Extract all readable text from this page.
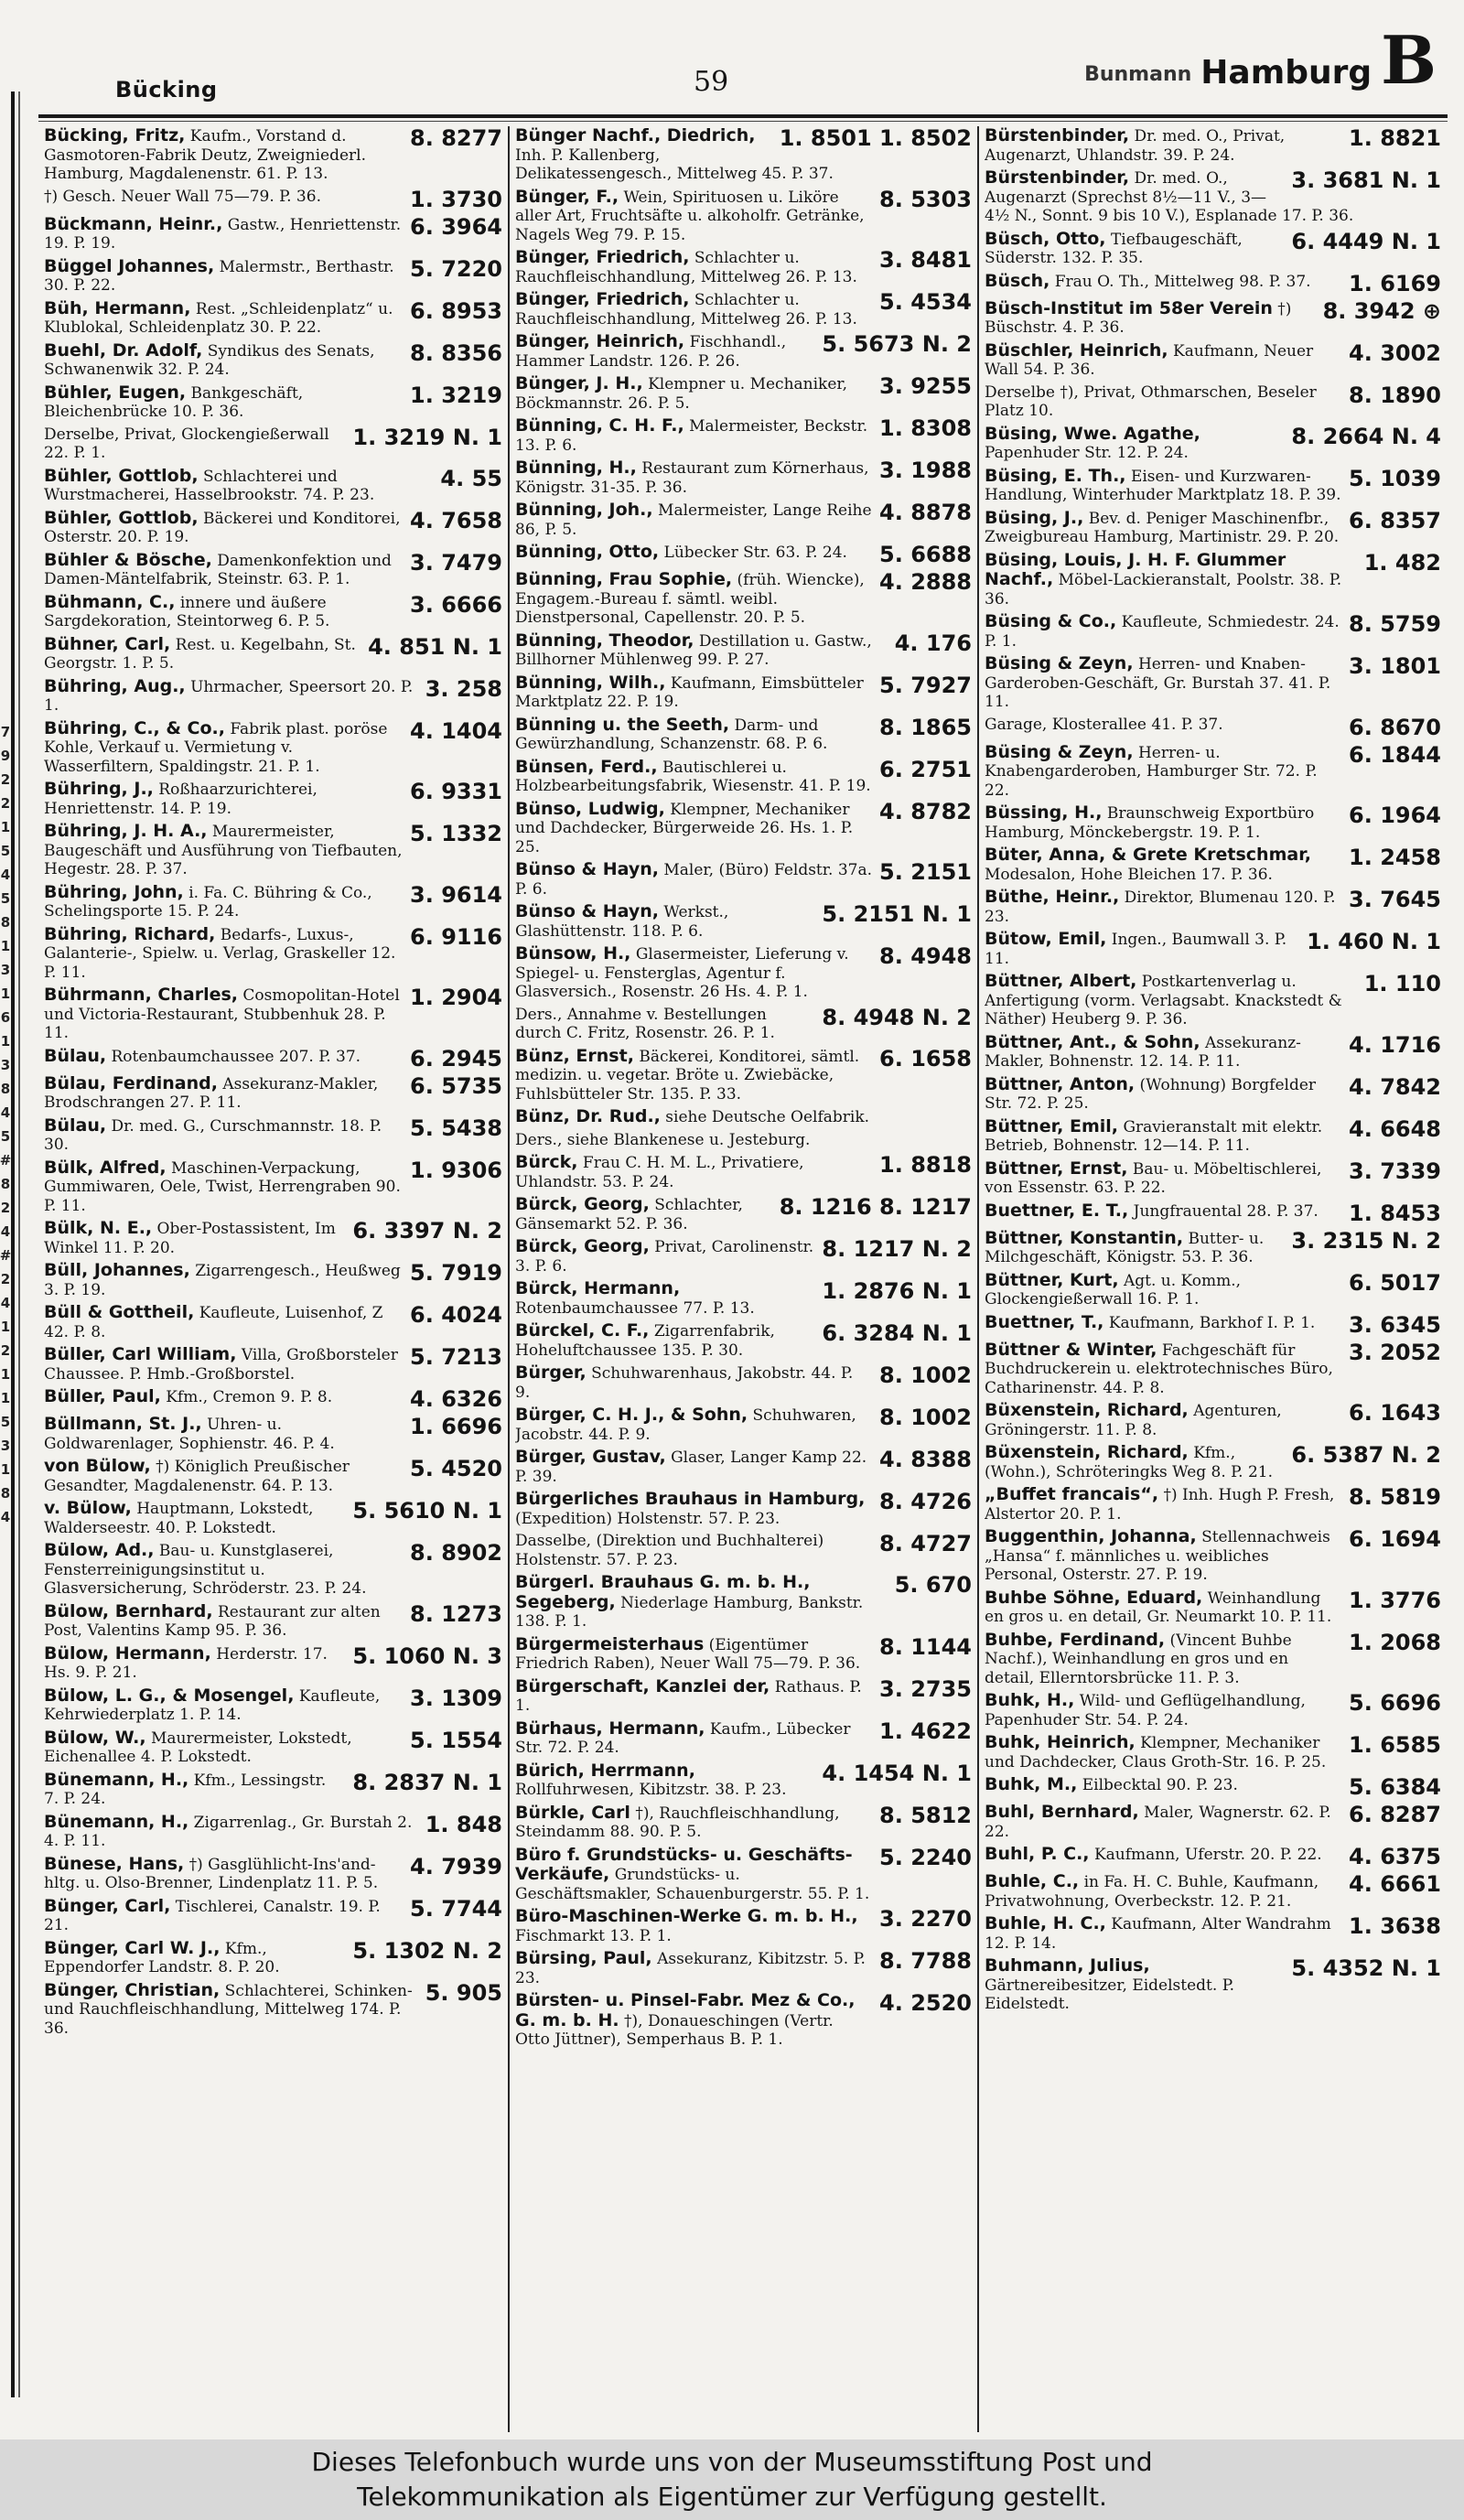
7
9
2
2
1
5
4
5
8
1
3
1
6
1
3
8
4
5
#
8
2
4
#
2
4
1
2
1
1
5
3
1
8
4
Bücking	59	Bunmann Hamburg B
8. 8277
Bücking, Fritz, Kaufm., Vorstand d. Gasmotoren-Fabrik Deutz, Zweigniederl. Hamburg, Magdalenenstr. 61. P. 13.
1. 3730
†) Gesch. Neuer Wall 75—79. P. 36.
6. 3964
Bückmann, Heinr., Gastw., Henriettenstr. 19. P. 19.
5. 7220
Büggel Johannes, Malermstr., Berthastr. 30. P. 22.
6. 8953
Büh, Hermann, Rest. „Schleidenplatz“ u. Klublokal, Schleidenplatz 30. P. 22.
8. 8356
Buehl, Dr. Adolf, Syndikus des Senats, Schwanenwik 32. P. 24.
1. 3219
Bühler, Eugen, Bankgeschäft, Bleichenbrücke 10. P. 36.
1. 3219 N. 1
Derselbe, Privat, Glockengießerwall 22. P. 1.
4. 55
Bühler, Gottlob, Schlachterei und Wurstmacherei, Hasselbrookstr. 74. P. 23.
4. 7658
Bühler, Gottlob, Bäckerei und Konditorei, Osterstr. 20. P. 19.
3. 7479
Bühler & Bösche, Damenkonfektion und Damen-Mäntelfabrik, Steinstr. 63. P. 1.
3. 6666
Bühmann, C., innere und äußere Sargdekoration, Steintorweg 6. P. 5.
4. 851 N. 1
Bühner, Carl, Rest. u. Kegelbahn, St. Georgstr. 1. P. 5.
3. 258
Bühring, Aug., Uhrmacher, Speersort 20. P. 1.
4. 1404
Bühring, C., & Co., Fabrik plast. poröse Kohle, Verkauf u. Vermietung v. Wasserfiltern, Spaldingstr. 21. P. 1.
6. 9331
Bühring, J., Roßhaarzurichterei, Henriettenstr. 14. P. 19.
5. 1332
Bühring, J. H. A., Maurermeister, Baugeschäft und Ausführung von Tiefbauten, Hegestr. 28. P. 37.
3. 9614
Bühring, John, i. Fa. C. Bühring & Co., Schelingsporte 15. P. 24.
6. 9116
Bühring, Richard, Bedarfs-, Luxus-, Galanterie-, Spielw. u. Verlag, Graskeller 12. P. 11.
1. 2904
Bührmann, Charles, Cosmopolitan-Hotel und Victoria-Restaurant, Stubbenhuk 28. P. 11.
6. 2945
Bülau, Rotenbaumchaussee 207. P. 37.
6. 5735
Bülau, Ferdinand, Assekuranz-Makler, Brodschrangen 27. P. 11.
5. 5438
Bülau, Dr. med. G., Curschmannstr. 18. P. 30.
1. 9306
Bülk, Alfred, Maschinen-Verpackung, Gummiwaren, Oele, Twist, Herrengraben 90. P. 11.
6. 3397 N. 2
Bülk, N. E., Ober-Postassistent, Im Winkel 11. P. 20.
5. 7919
Büll, Johannes, Zigarrengesch., Heußweg 3. P. 19.
6. 4024
Büll & Gottheil, Kaufleute, Luisenhof, Z 42. P. 8.
5. 7213
Büller, Carl William, Villa, Großborsteler Chaussee. P. Hmb.-Großborstel.
4. 6326
Büller, Paul, Kfm., Cremon 9. P. 8.
1. 6696
Büllmann, St. J., Uhren- u. Goldwarenlager, Sophienstr. 46. P. 4.
5. 4520
von Bülow, †) Königlich Preußischer Gesandter, Magdalenenstr. 64. P. 13.
5. 5610 N. 1
v. Bülow, Hauptmann, Lokstedt, Walderseestr. 40. P. Lokstedt.
8. 8902
Bülow, Ad., Bau- u. Kunstglaserei, Fensterreinigungsinstitut u. Glasversicherung, Schröderstr. 23. P. 24.
8. 1273
Bülow, Bernhard, Restaurant zur alten Post, Valentins Kamp 95. P. 36.
5. 1060 N. 3
Bülow, Hermann, Herderstr. 17. Hs. 9. P. 21.
3. 1309
Bülow, L. G., & Mosengel, Kaufleute, Kehrwiederplatz 1. P. 14.
5. 1554
Bülow, W., Maurermeister, Lokstedt, Eichenallee 4. P. Lokstedt.
8. 2837 N. 1
Bünemann, H., Kfm., Lessingstr. 7. P. 24.
1. 848
Bünemann, H., Zigarrenlag., Gr. Burstah 2. 4. P. 11.
4. 7939
Bünese, Hans, †) Gasglühlicht-Ins'and-hltg. u. Olso-Brenner, Lindenplatz 11. P. 5.
5. 7744
Bünger, Carl, Tischlerei, Canalstr. 19. P. 21.
5. 1302 N. 2
Bünger, Carl W. J., Kfm., Eppendorfer Landstr. 8. P. 20.
5. 905
Bünger, Christian, Schlachterei, Schinken- und Rauchfleischhandlung, Mittelweg 174. P. 36.
1. 8501 1. 8502
Bünger Nachf., Diedrich, Inh. P. Kallenberg, Delikatessengesch., Mittelweg 45. P. 37.
8. 5303
Bünger, F., Wein, Spirituosen u. Liköre aller Art, Fruchtsäfte u. alkoholfr. Getränke, Nagels Weg 79. P. 15.
3. 8481
Bünger, Friedrich, Schlachter u. Rauchfleischhandlung, Mittelweg 26. P. 13.
5. 4534
Bünger, Friedrich, Schlachter u. Rauchfleischhandlung, Mittelweg 26. P. 13.
5. 5673 N. 2
Bünger, Heinrich, Fischhandl., Hammer Landstr. 126. P. 26.
3. 9255
Bünger, J. H., Klempner u. Mechaniker, Böckmannstr. 26. P. 5.
1. 8308
Bünning, C. H. F., Malermeister, Beckstr. 13. P. 6.
3. 1988
Bünning, H., Restaurant zum Körnerhaus, Königstr. 31-35. P. 36.
4. 8878
Bünning, Joh., Malermeister, Lange Reihe 86, P. 5.
5. 6688
Bünning, Otto, Lübecker Str. 63. P. 24.
4. 2888
Bünning, Frau Sophie, (früh. Wiencke), Engagem.-Bureau f. sämtl. weibl. Dienstpersonal, Capellenstr. 20. P. 5.
4. 176
Bünning, Theodor, Destillation u. Gastw., Billhorner Mühlenweg 99. P. 27.
5. 7927
Bünning, Wilh., Kaufmann, Eimsbütteler Marktplatz 22. P. 19.
8. 1865
Bünning u. the Seeth, Darm- und Gewürzhandlung, Schanzenstr. 68. P. 6.
6. 2751
Bünsen, Ferd., Bautischlerei u. Holzbearbeitungsfabrik, Wiesenstr. 41. P. 19.
4. 8782
Bünso, Ludwig, Klempner, Mechaniker und Dachdecker, Bürgerweide 26. Hs. 1. P. 25.
5. 2151
Bünso & Hayn, Maler, (Büro) Feldstr. 37a. P. 6.
5. 2151 N. 1
Bünso & Hayn, Werkst., Glashüttenstr. 118. P. 6.
8. 4948
Bünsow, H., Glasermeister, Lieferung v. Spiegel- u. Fensterglas, Agentur f. Glasversich., Rosenstr. 26 Hs. 4. P. 1.
8. 4948 N. 2
Ders., Annahme v. Bestellungen durch C. Fritz, Rosenstr. 26. P. 1.
6. 1658
Bünz, Ernst, Bäckerei, Konditorei, sämtl. medizin. u. vegetar. Bröte u. Zwiebäcke, Fuhlsbütteler Str. 135. P. 33.
Bünz, Dr. Rud., siehe Deutsche Oelfabrik.
Ders., siehe Blankenese u. Jesteburg.
1. 8818
Bürck, Frau C. H. M. L., Privatiere, Uhlandstr. 53. P. 24.
8. 1216 8. 1217
Bürck, Georg, Schlachter, Gänsemarkt 52. P. 36.
8. 1217 N. 2
Bürck, Georg, Privat, Carolinenstr. 3. P. 6.
1. 2876 N. 1
Bürck, Hermann, Rotenbaumchaussee 77. P. 13.
6. 3284 N. 1
Bürckel, C. F., Zigarrenfabrik, Hoheluftchaussee 135. P. 30.
8. 1002
Bürger, Schuhwarenhaus, Jakobstr. 44. P. 9.
8. 1002
Bürger, C. H. J., & Sohn, Schuhwaren, Jacobstr. 44. P. 9.
4. 8388
Bürger, Gustav, Glaser, Langer Kamp 22. P. 39.
8. 4726
Bürgerliches Brauhaus in Hamburg, (Expedition) Holstenstr. 57. P. 23.
8. 4727
Dasselbe, (Direktion und Buchhalterei) Holstenstr. 57. P. 23.
5. 670
Bürgerl. Brauhaus G. m. b. H., Segeberg, Niederlage Hamburg, Bankstr. 138. P. 1.
8. 1144
Bürgermeisterhaus (Eigentümer Friedrich Raben), Neuer Wall 75—79. P. 36.
3. 2735
Bürgerschaft, Kanzlei der, Rathaus. P. 1.
1. 4622
Bürhaus, Hermann, Kaufm., Lübecker Str. 72. P. 24.
4. 1454 N. 1
Bürich, Herrmann, Rollfuhrwesen, Kibitzstr. 38. P. 23.
8. 5812
Bürkle, Carl †), Rauchfleischhandlung, Steindamm 88. 90. P. 5.
5. 2240
Büro f. Grundstücks- u. Geschäfts-Verkäufe, Grundstücks- u. Geschäftsmakler, Schauenburgerstr. 55. P. 1.
3. 2270
Büro-Maschinen-Werke G. m. b. H., Fischmarkt 13. P. 1.
8. 7788
Bürsing, Paul, Assekuranz, Kibitzstr. 5. P. 23.
4. 2520
Bürsten- u. Pinsel-Fabr. Mez & Co., G. m. b. H. †), Donaueschingen (Vertr. Otto Jüttner), Semperhaus B. P. 1.
1. 8821
Bürstenbinder, Dr. med. O., Privat, Augenarzt, Uhlandstr. 39. P. 24.
3. 3681 N. 1
Bürstenbinder, Dr. med. O., Augenarzt (Sprechst 8½—11 V., 3—4½ N., Sonnt. 9 bis 10 V.), Esplanade 17. P. 36.
6. 4449 N. 1
Büsch, Otto, Tiefbaugeschäft, Süderstr. 132. P. 35.
1. 6169
Büsch, Frau O. Th., Mittelweg 98. P. 37.
8. 3942 ⊕
Büsch-Institut im 58er Verein †) Büschstr. 4. P. 36.
4. 3002
Büschler, Heinrich, Kaufmann, Neuer Wall 54. P. 36.
8. 1890
Derselbe †), Privat, Othmarschen, Beseler Platz 10.
8. 2664 N. 4
Büsing, Wwe. Agathe, Papenhuder Str. 12. P. 24.
5. 1039
Büsing, E. Th., Eisen- und Kurzwaren-Handlung, Winterhuder Marktplatz 18. P. 39.
6. 8357
Büsing, J., Bev. d. Peniger Maschinenfbr., Zweigbureau Hamburg, Martinistr. 29. P. 20.
1. 482
Büsing, Louis, J. H. F. Glummer Nachf., Möbel-Lackieranstalt, Poolstr. 38. P. 36.
8. 5759
Büsing & Co., Kaufleute, Schmiedestr. 24. P. 1.
3. 1801
Büsing & Zeyn, Herren- und Knaben-Garderoben-Geschäft, Gr. Burstah 37. 41. P. 11.
6. 8670
Garage, Klosterallee 41. P. 37.
6. 1844
Büsing & Zeyn, Herren- u. Knabengarderoben, Hamburger Str. 72. P. 22.
6. 1964
Büssing, H., Braunschweig Exportbüro Hamburg, Mönckebergstr. 19. P. 1.
1. 2458
Büter, Anna, & Grete Kretschmar, Modesalon, Hohe Bleichen 17. P. 36.
3. 7645
Büthe, Heinr., Direktor, Blumenau 120. P. 23.
1. 460 N. 1
Bütow, Emil, Ingen., Baumwall 3. P. 11.
1. 110
Büttner, Albert, Postkartenverlag u. Anfertigung (vorm. Verlagsabt. Knackstedt & Näther) Heuberg 9. P. 36.
4. 1716
Büttner, Ant., & Sohn, Assekuranz-Makler, Bohnenstr. 12. 14. P. 11.
4. 7842
Büttner, Anton, (Wohnung) Borgfelder Str. 72. P. 25.
4. 6648
Büttner, Emil, Gravieranstalt mit elektr. Betrieb, Bohnenstr. 12—14. P. 11.
3. 7339
Büttner, Ernst, Bau- u. Möbeltischlerei, von Essenstr. 63. P. 22.
1. 8453
Buettner, E. T., Jungfrauental 28. P. 37.
3. 2315 N. 2
Büttner, Konstantin, Butter- u. Milchgeschäft, Königstr. 53. P. 36.
6. 5017
Büttner, Kurt, Agt. u. Komm., Glockengießerwall 16. P. 1.
3. 6345
Buettner, T., Kaufmann, Barkhof I. P. 1.
3. 2052
Büttner & Winter, Fachgeschäft für Buchdruckerein u. elektrotechnisches Büro, Catharinenstr. 44. P. 8.
6. 1643
Büxenstein, Richard, Agenturen, Gröningerstr. 11. P. 8.
6. 5387 N. 2
Büxenstein, Richard, Kfm., (Wohn.), Schröteringks Weg 8. P. 21.
8. 5819
„Buffet francais“, †) Inh. Hugh P. Fresh, Alstertor 20. P. 1.
6. 1694
Buggenthin, Johanna, Stellennachweis „Hansa“ f. männliches u. weibliches Personal, Osterstr. 27. P. 19.
1. 3776
Buhbe Söhne, Eduard, Weinhandlung en gros u. en detail, Gr. Neumarkt 10. P. 11.
1. 2068
Buhbe, Ferdinand, (Vincent Buhbe Nachf.), Weinhandlung en gros und en detail, Ellerntorsbrücke 11. P. 3.
5. 6696
Buhk, H., Wild- und Geflügelhandlung, Papenhuder Str. 54. P. 24.
1. 6585
Buhk, Heinrich, Klempner, Mechaniker und Dachdecker, Claus Groth-Str. 16. P. 25.
5. 6384
Buhk, M., Eilbecktal 90. P. 23.
6. 8287
Buhl, Bernhard, Maler, Wagnerstr. 62. P. 22.
4. 6375
Buhl, P. C., Kaufmann, Uferstr. 20. P. 22.
4. 6661
Buhle, C., in Fa. H. C. Buhle, Kaufmann, Privatwohnung, Overbeckstr. 12. P. 21.
1. 3638
Buhle, H. C., Kaufmann, Alter Wandrahm 12. P. 14.
5. 4352 N. 1
Buhmann, Julius, Gärtnereibesitzer, Eidelstedt. P. Eidelstedt.
Dieses Telefonbuch wurde uns von der Museumsstiftung Post und
Telekommunikation als Eigentümer zur Verfügung gestellt.
